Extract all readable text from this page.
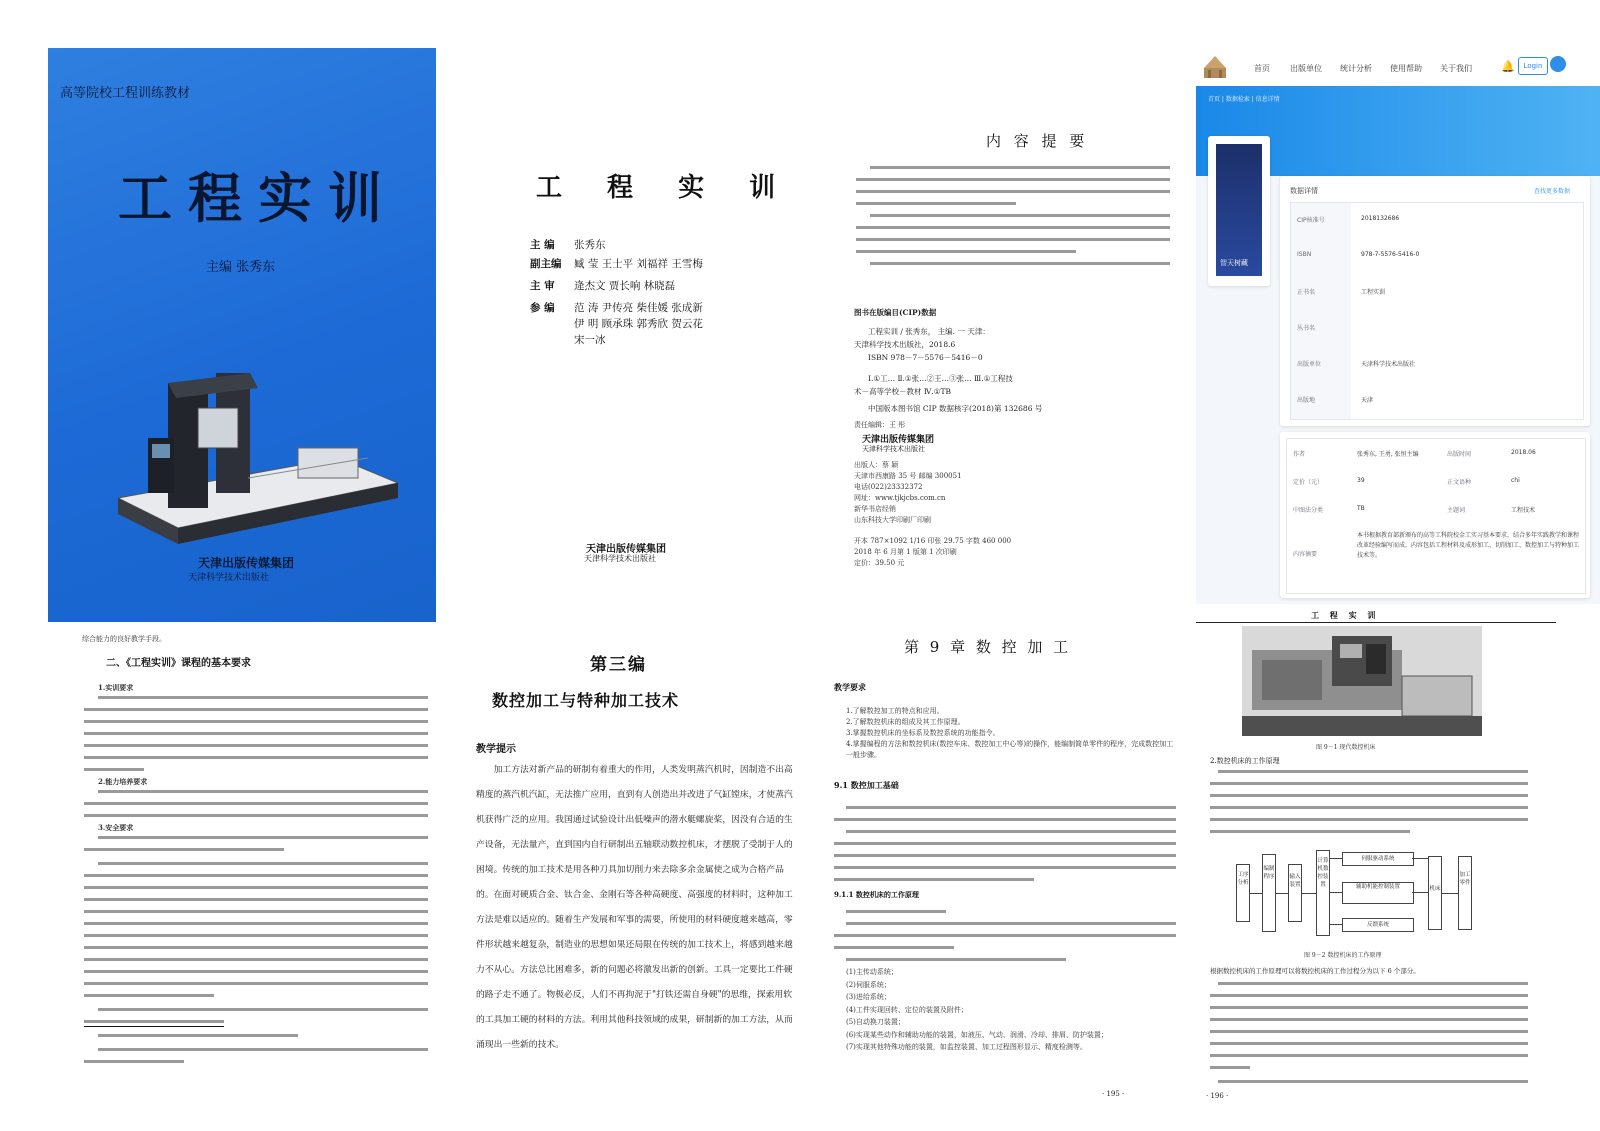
高等院校工程训练教材
工程实训
主编 张秀东
天津出版传媒集团
天津科学技术出版社
工 程 实 训
主 编	张秀东
副主编	臧 莹 王士平 刘福祥 王雪梅
主 审	逄杰文 贾长响 林晓磊
参 编	范 涛 尹传亮 柴佳媛 张成新
伊 明 顾承珠 郭秀欣 贺云花
宋一冰
天津出版传媒集团
天津科学技术出版社
内 容 提 要
图书在版编目(CIP)数据
工程实训 / 张秀东， 主编. 一 天津：
天津科学技术出版社，2018.6
ISBN 978－7－5576－5416－0
Ⅰ.①工… Ⅱ.①张…②王…③张… Ⅲ.①工程技
术－高等学校－教材 Ⅳ.①TB
中国版本图书馆 CIP 数据核字(2018)第 132686 号
责任编辑：王 彤
天津出版传媒集团
天津科学技术出版社
出版人：蔡 颖
天津市西康路 35 号 邮编 300051
电话(022)23332372
网址：www.tjkjcbs.com.cn
新华书店经销
山东科技大学印刷厂印刷
开本 787×1092 1/16 印张 29.75 字数 460 000
2018 年 6 月第 1 版第 1 次印刷
定价：39.50 元
首页	出版单位 统计分析 使用帮助 关于我们	🔔	Login
首页 | 数据检索 | 信息详情
智天树藏
数据详情	查找更多数据
CIP核准号	2018132686
ISBN	978-7-5576-5416-0
正书名	工程实训
丛书名
出版单位	天津科学技术出版社
出版地	天津
作者	张秀东, 王勇, 张恒主编	出版时间	2018.06
定价（元）	39	正文语种	chi
中图法分类	TB	主题词	工程技术
内容摘要
本书根据教育部新颁布的高等工科院校金工实习基本要求，结合多年实践教学和课程改革经验编写而成。内容包括工程材料及成形加工、切削加工、数控加工与特种加工技术等。
综合能力的良好教学手段。
二、《工程实训》课程的基本要求
1.实训要求
2.能力培养要求
3.安全要求
第三编
数控加工与特种加工技术
教学提示
加工方法对新产品的研制有着重大的作用，人类发明蒸汽机时，因制造不出高精度的蒸汽机汽缸，无法推广应用，直到有人创造出并改进了气缸镗床，才使蒸汽机获得广泛的应用。我国通过试验设计出低噪声的潜水艇螺旋桨，因没有合适的生产设备，无法量产，直到国内自行研制出五轴联动数控机床，才摆脱了受制于人的困境。传统的加工技术是用各种刀具加切削力来去除多余金属使之成为合格产品的。在面对硬质合金、钛合金、金刚石等各种高硬度、高强度的材料时，这种加工方法是难以适应的。随着生产发展和军事的需要，所使用的材料硬度越来越高，零件形状越来越复杂，制造业的思想如果还局限在传统的加工技术上，将感到越来越力不从心。方法总比困难多，新的问题必将激发出新的创新。工具一定要比工件硬的路子走不通了。物极必反，人们不再拘泥于"打铁还需自身硬"的思维，探索用软的工具加工硬的材料的方法。利用其他科技领域的成果，研制新的加工方法，从而涌现出一些新的技术。
第 9 章 数 控 加 工
教学要求
1.了解数控加工的特点和应用。
2.了解数控机床的组成及其工作原理。
3.掌握数控机床的坐标系及数控系统的功能指令。
4.掌握编程的方法和数控机床(数控车床、数控加工中心等)的操作，能编制简单零件的程序，完成数控加工一般步骤。
9.1 数控加工基础
9.1.1 数控机床的工作原理
(1)主传动系统；
(2)伺服系统；
(3)进给系统；
(4)工件实现回转、定位的装置及附件；
(5)自动换刀装置；
(6)实现某些动作和辅助功能的装置，如液压、气动、润滑、冷却、排屑、防护装置；
(7)实现其他特殊功能的装置，如监控装置、加工过程图形显示、精度检测等。
· 195 ·
工 程 实 训
图 9－1 现代数控机床
2.数控机床的工作原理
工序分析
编制程序	输入装置
计算机数控装置
伺服驱动系统
辅助机能控制装置
反馈系统
机床
加工零件
图 9－2 数控机床的工作原理
根据数控机床的工作原理可以将数控机床的工作过程分为以下 6 个部分。
· 196 ·
